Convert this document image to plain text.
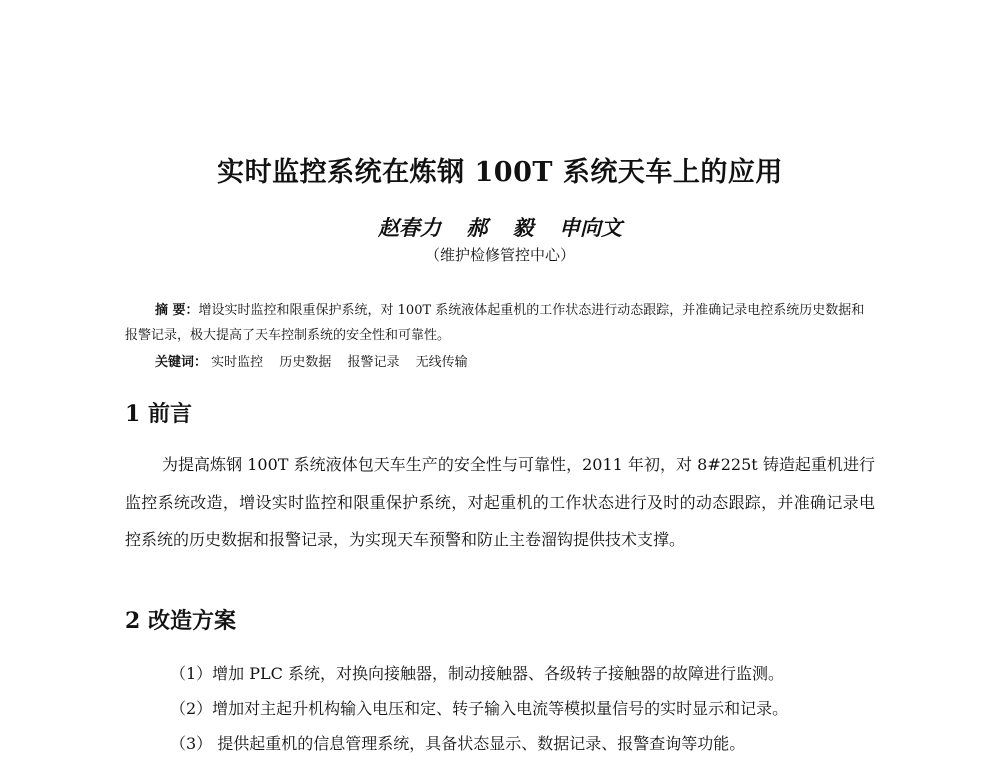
实时监控系统在炼钢 100T 系统天车上的应用
赵春力 郝 毅 申向文
（维护检修管控中心）
摘 要：增设实时监控和限重保护系统，对 100T 系统液体起重机的工作状态进行动态跟踪，并准确记录电控系统历史数据和报警记录，极大提高了天车控制系统的安全性和可靠性。
关键词： 实时监控 历史数据 报警记录 无线传输
1 前言
为提高炼钢 100T 系统液体包天车生产的安全性与可靠性，2011 年初，对 8#225t 铸造起重机进行监控系统改造，增设实时监控和限重保护系统，对起重机的工作状态进行及时的动态跟踪，并准确记录电控系统的历史数据和报警记录，为实现天车预警和防止主卷溜钩提供技术支撑。
2 改造方案
（1）增加 PLC 系统，对换向接触器，制动接触器、各级转子接触器的故障进行监测。
（2）增加对主起升机构输入电压和定、转子输入电流等模拟量信号的实时显示和记录。
（3） 提供起重机的信息管理系统，具备状态显示、数据记录、报警查询等功能。
